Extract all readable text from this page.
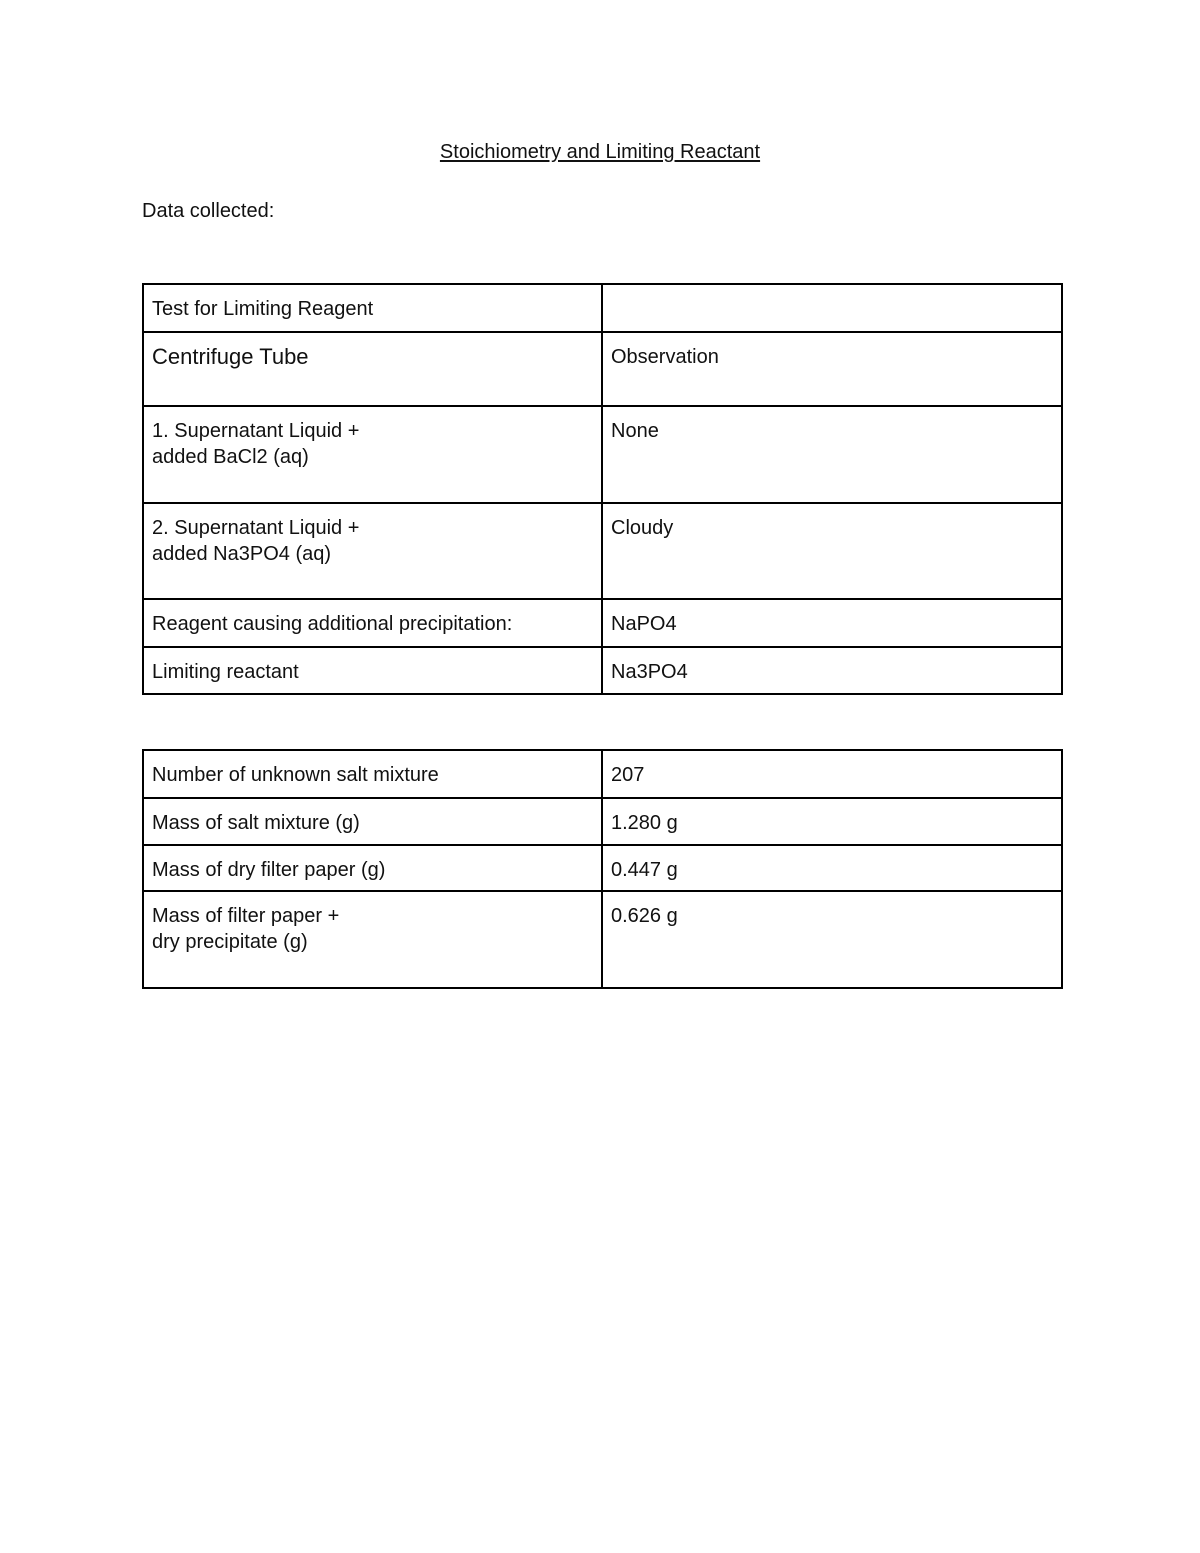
Stoichiometry and Limiting Reactant
Data collected:
Test for Limiting Reagent	
Centrifuge Tube	Observation
1. Supernatant Liquid +
added BaCl2 (aq)	None
2. Supernatant Liquid +
added Na3PO4 (aq)	Cloudy
Reagent causing additional precipitation:	NaPO4
Limiting reactant	Na3PO4
Number of unknown salt mixture	207
Mass of salt mixture (g)	1.280 g
Mass of dry filter paper (g)	0.447 g
Mass of filter paper +
dry precipitate (g)	0.626 g
